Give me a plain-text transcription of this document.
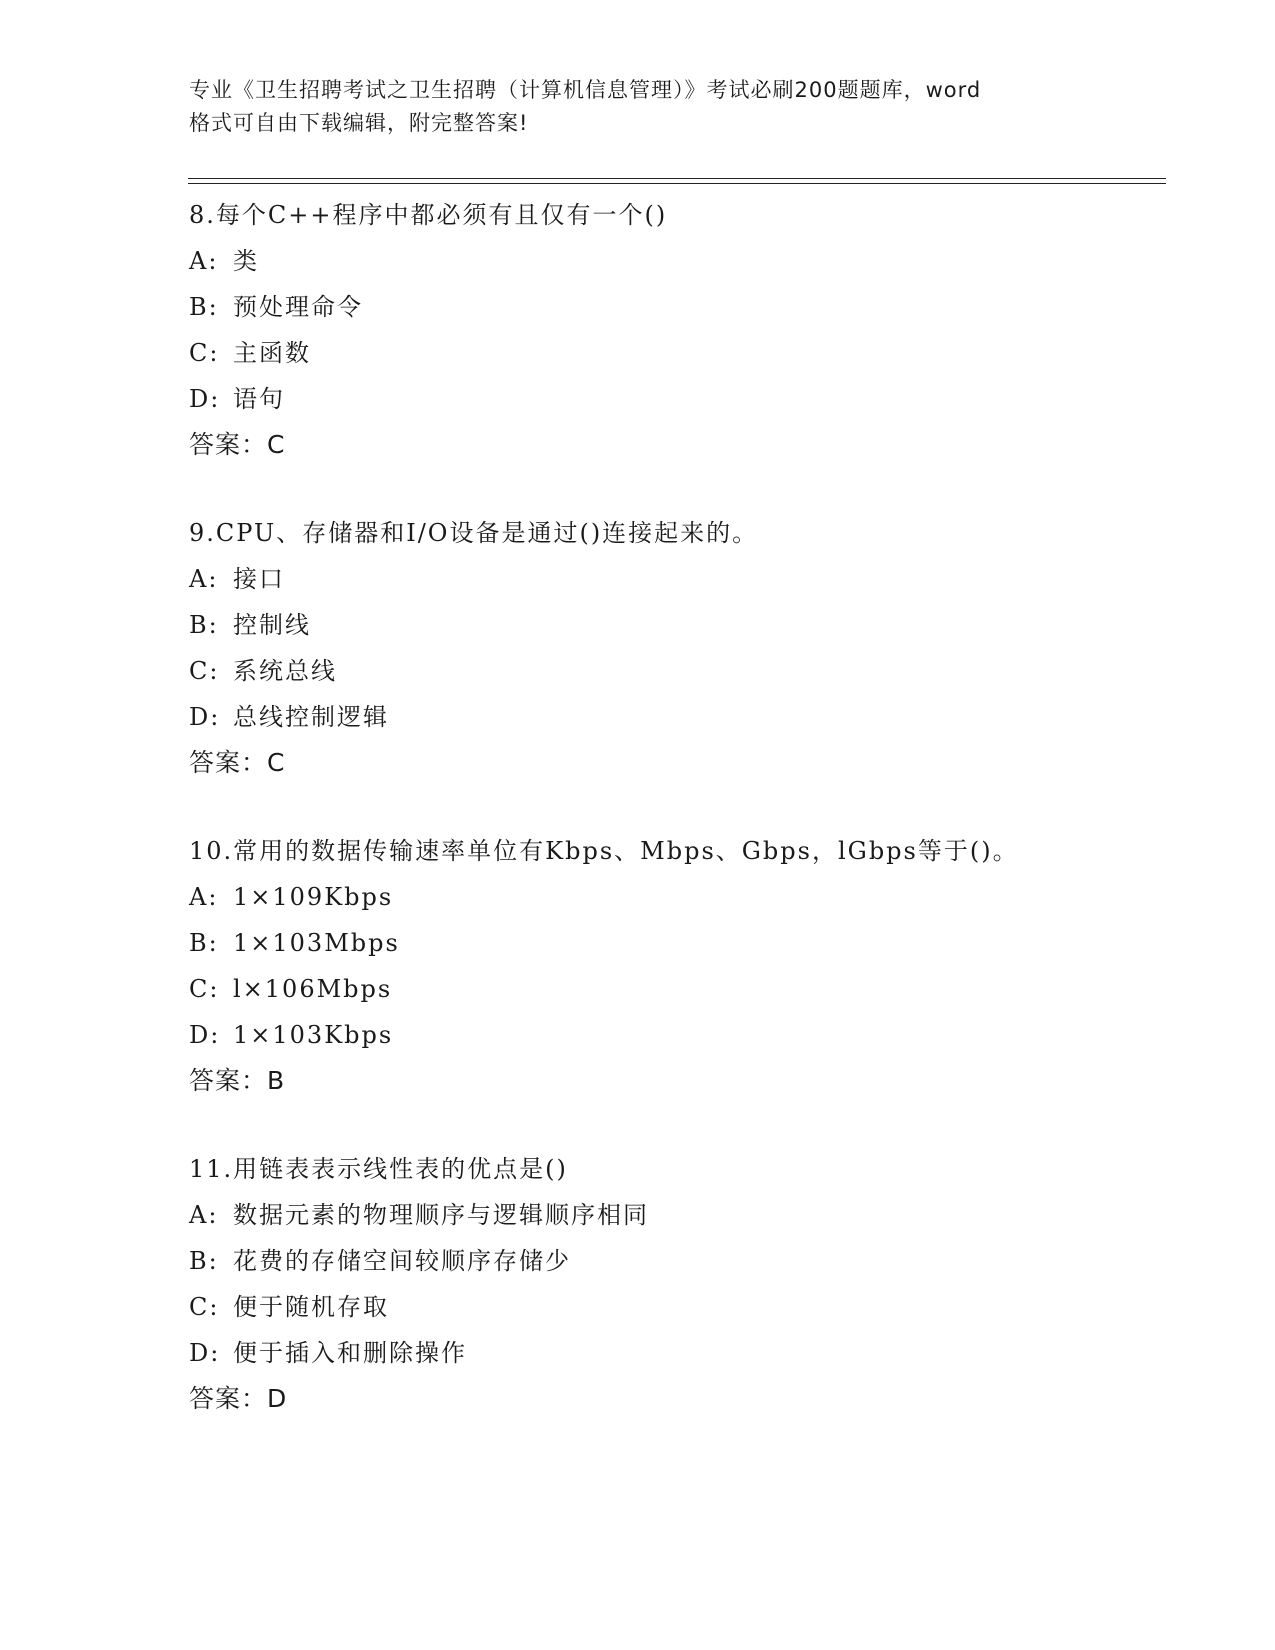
专业《卫生招聘考试之卫生招聘（计算机信息管理）》考试必刷200题题库，word
格式可自由下载编辑，附完整答案!
8.每个C++程序中都必须有且仅有一个()
A: 类
B: 预处理命令
C: 主函数
D: 语句
答案：C
9.CPU、存储器和I/O设备是通过()连接起来的。
A: 接口
B: 控制线
C: 系统总线
D: 总线控制逻辑
答案：C
10.常用的数据传输速率单位有Kbps、Mbps、Gbps，lGbps等于()。
A: 1×109Kbps
B: 1×103Mbps
C: l×106Mbps
D: 1×103Kbps
答案：B
11.用链表表示线性表的优点是()
A: 数据元素的物理顺序与逻辑顺序相同
B: 花费的存储空间较顺序存储少
C: 便于随机存取
D: 便于插入和删除操作
答案：D
